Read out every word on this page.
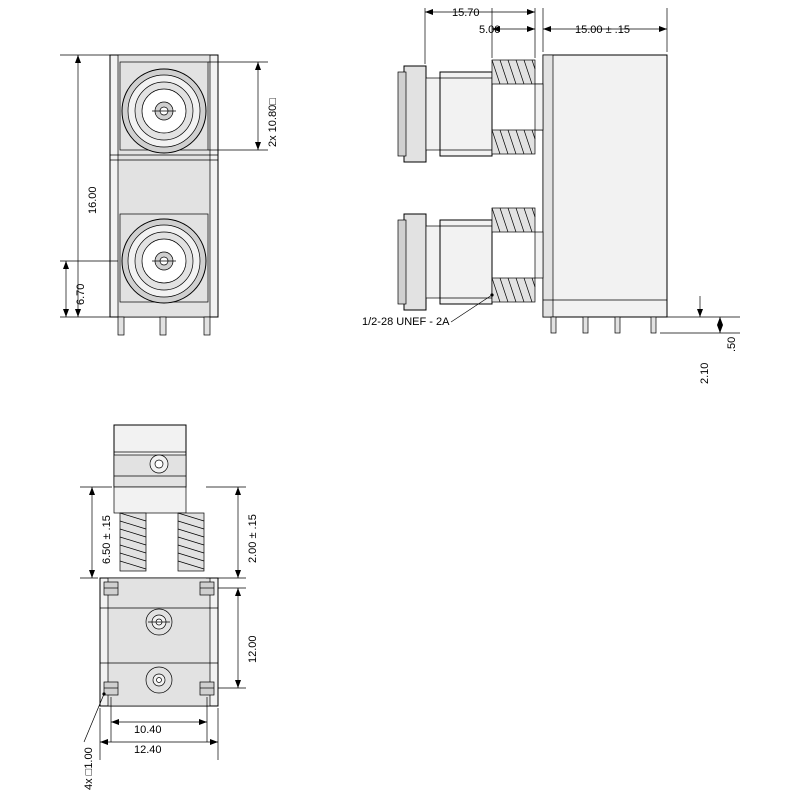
16.00
6.70
2x 10.80□
15.70
5.00	15.00 ± .15
1/2-28 UNEF - 2A
2.10
.50
6.50 ± .15	2.00 ± .15
12.00
10.40
12.40
4x □1.00
